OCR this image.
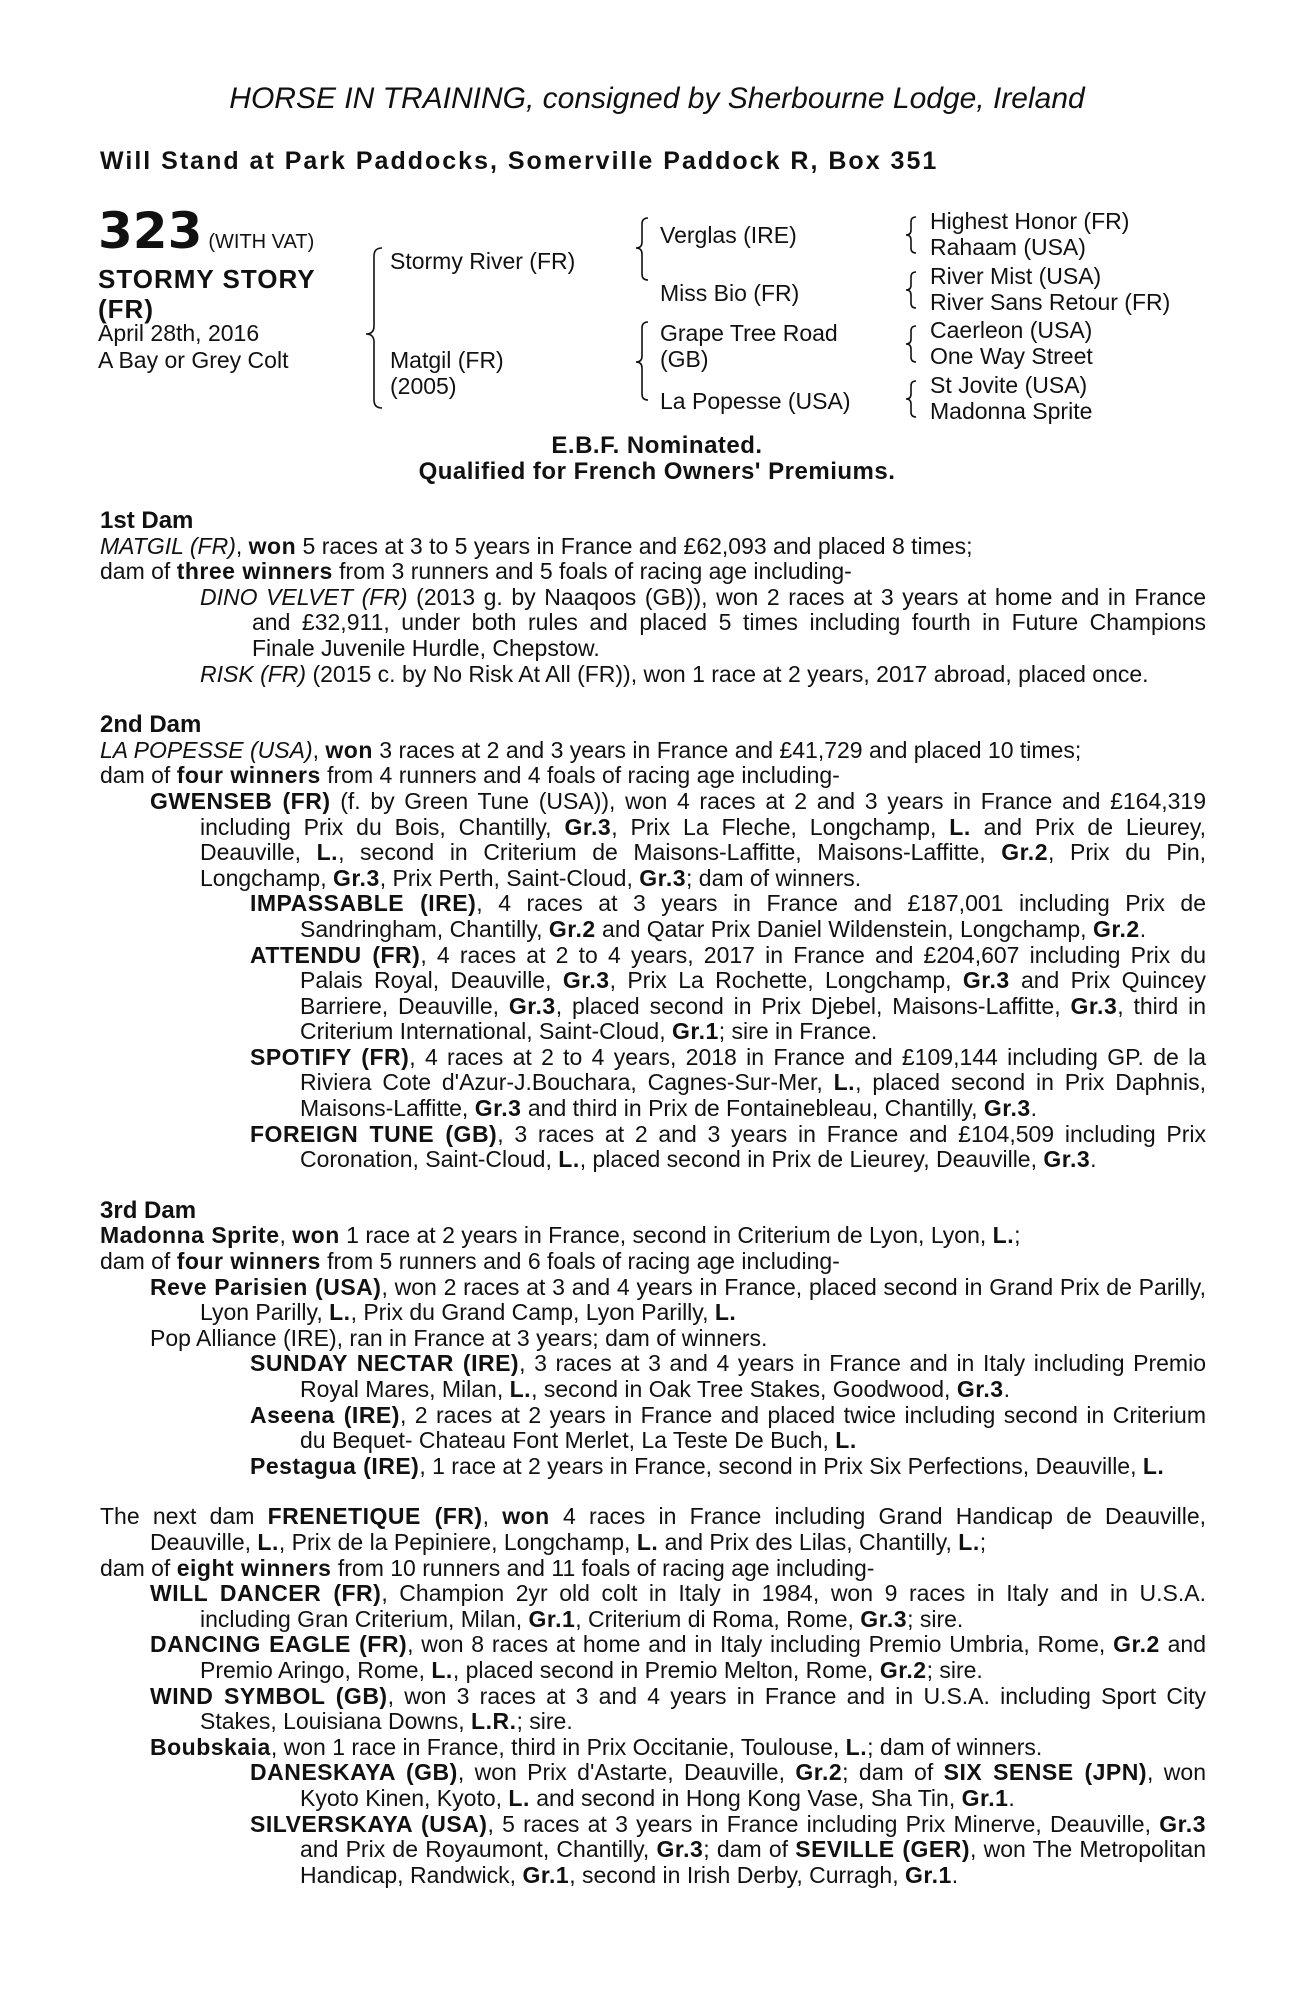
HORSE IN TRAINING, consigned by Sherbourne Lodge, Ireland
Will Stand at Park Paddocks, Somerville Paddock R, Box 351
323 (WITH VAT)
STORMY STORY (FR)
April 28th, 2016
A Bay or Grey Colt
Stormy River (FR)
Matgil (FR)
(2005)
Verglas (IRE)
Miss Bio (FR)
Grape Tree Road
(GB)
La Popesse (USA)
Highest Honor (FR)
Rahaam (USA)
River Mist (USA)
River Sans Retour (FR)
Caerleon (USA)
One Way Street
St Jovite (USA)
Madonna Sprite
E.B.F. Nominated.
Qualified for French Owners' Premiums.

1st Dam

MATGIL (FR), won 5 races at 3 to 5 years in France and £62,093 and placed 8 times;

dam of three winners from 3 runners and 5 foals of racing age including-

DINO VELVET (FR) (2013 g. by Naaqoos (GB)), won 2 races at 3 years at home and in France and £32,911, under both rules and placed 5 times including fourth in Future Champions Finale Juvenile Hurdle, Chepstow.

RISK (FR) (2015 c. by No Risk At All (FR)), won 1 race at 2 years, 2017 abroad, placed once.

2nd Dam

LA POPESSE (USA), won 3 races at 2 and 3 years in France and £41,729 and placed 10 times;

dam of four winners from 4 runners and 4 foals of racing age including-

GWENSEB (FR) (f. by Green Tune (USA)), won 4 races at 2 and 3 years in France and £164,319 including Prix du Bois, Chantilly, Gr.3, Prix La Fleche, Longchamp, L. and Prix de Lieurey, Deauville, L., second in Criterium de Maisons-Laffitte, Maisons-Laffitte, Gr.2, Prix du Pin, Longchamp, Gr.3, Prix Perth, Saint-Cloud, Gr.3; dam of winners.

IMPASSABLE (IRE), 4 races at 3 years in France and £187,001 including Prix de Sandringham, Chantilly, Gr.2 and Qatar Prix Daniel Wildenstein, Longchamp, Gr.2.

ATTENDU (FR), 4 races at 2 to 4 years, 2017 in France and £204,607 including Prix du Palais Royal, Deauville, Gr.3, Prix La Rochette, Longchamp, Gr.3 and Prix Quincey Barriere, Deauville, Gr.3, placed second in Prix Djebel, Maisons-Laffitte, Gr.3, third in Criterium International, Saint-Cloud, Gr.1; sire in France.

SPOTIFY (FR), 4 races at 2 to 4 years, 2018 in France and £109,144 including GP. de la Riviera Cote d'Azur-J.Bouchara, Cagnes-Sur-Mer, L., placed second in Prix Daphnis, Maisons-Laffitte, Gr.3 and third in Prix de Fontainebleau, Chantilly, Gr.3.

FOREIGN TUNE (GB), 3 races at 2 and 3 years in France and £104,509 including Prix Coronation, Saint-Cloud, L., placed second in Prix de Lieurey, Deauville, Gr.3.

3rd Dam

Madonna Sprite, won 1 race at 2 years in France, second in Criterium de Lyon, Lyon, L.;

dam of four winners from 5 runners and 6 foals of racing age including-

Reve Parisien (USA), won 2 races at 3 and 4 years in France, placed second in Grand Prix de Parilly, Lyon Parilly, L., Prix du Grand Camp, Lyon Parilly, L.

Pop Alliance (IRE), ran in France at 3 years; dam of winners.

SUNDAY NECTAR (IRE), 3 races at 3 and 4 years in France and in Italy including Premio Royal Mares, Milan, L., second in Oak Tree Stakes, Goodwood, Gr.3.

Aseena (IRE), 2 races at 2 years in France and placed twice including second in Criterium du Bequet- Chateau Font Merlet, La Teste De Buch, L.

Pestagua (IRE), 1 race at 2 years in France, second in Prix Six Perfections, Deauville, L.

The next dam FRENETIQUE (FR), won 4 races in France including Grand Handicap de Deauville, Deauville, L., Prix de la Pepiniere, Longchamp, L. and Prix des Lilas, Chantilly, L.;

dam of eight winners from 10 runners and 11 foals of racing age including-

WILL DANCER (FR), Champion 2yr old colt in Italy in 1984, won 9 races in Italy and in U.S.A. including Gran Criterium, Milan, Gr.1, Criterium di Roma, Rome, Gr.3; sire.

DANCING EAGLE (FR), won 8 races at home and in Italy including Premio Umbria, Rome, Gr.2 and Premio Aringo, Rome, L., placed second in Premio Melton, Rome, Gr.2; sire.

WIND SYMBOL (GB), won 3 races at 3 and 4 years in France and in U.S.A. including Sport City Stakes, Louisiana Downs, L.R.; sire.

Boubskaia, won 1 race in France, third in Prix Occitanie, Toulouse, L.; dam of winners.

DANESKAYA (GB), won Prix d'Astarte, Deauville, Gr.2; dam of SIX SENSE (JPN), won Kyoto Kinen, Kyoto, L. and second in Hong Kong Vase, Sha Tin, Gr.1.

SILVERSKAYA (USA), 5 races at 3 years in France including Prix Minerve, Deauville, Gr.3 and Prix de Royaumont, Chantilly, Gr.3; dam of SEVILLE (GER), won The Metropolitan Handicap, Randwick, Gr.1, second in Irish Derby, Curragh, Gr.1.
